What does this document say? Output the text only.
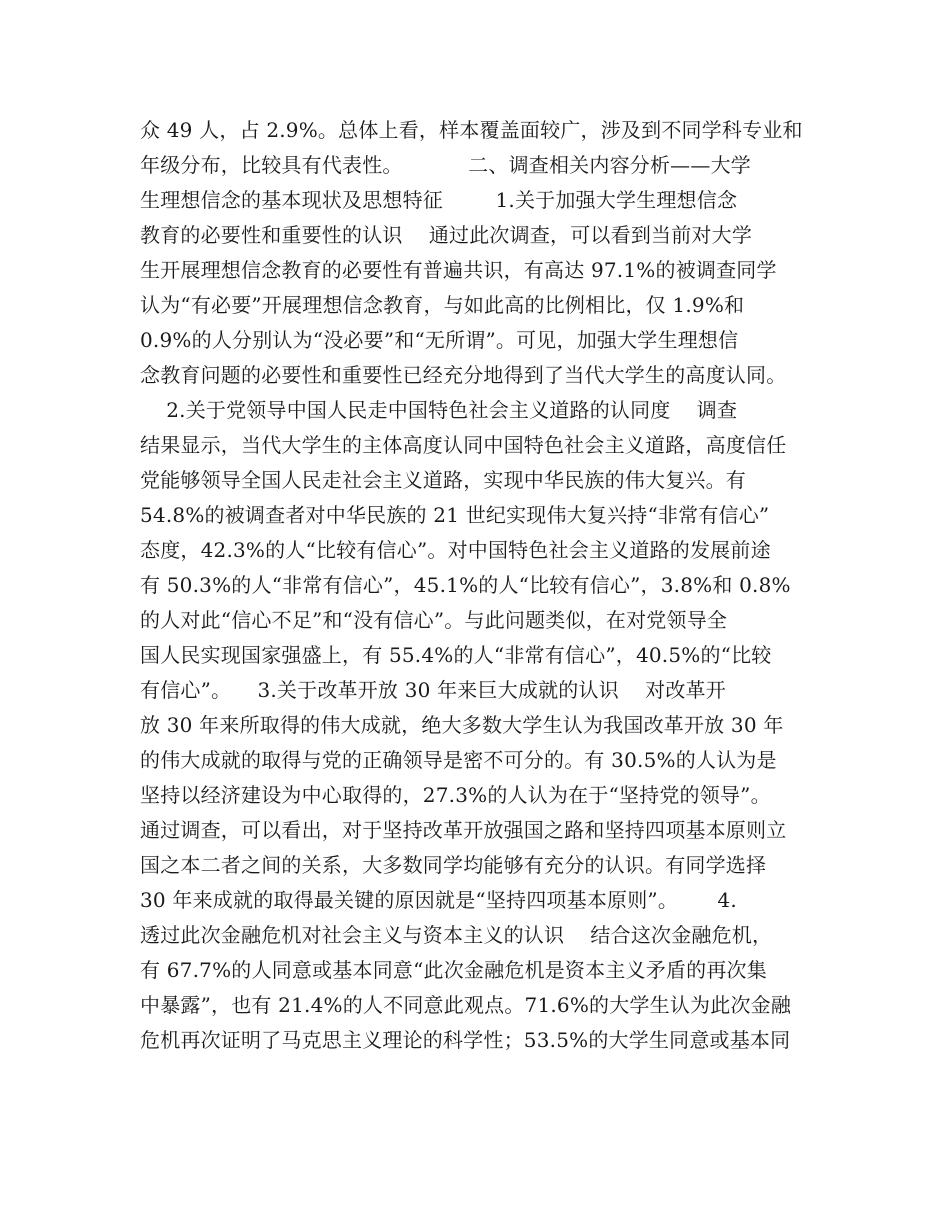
众 49 人，占 2.9%。总体上看，样本覆盖面较广，涉及到不同学科专业和
年级分布，比较具有代表性。          二、调查相关内容分析——大学
生理想信念的基本现状及思想特征        1.关于加强大学生理想信念
教育的必要性和重要性的认识    通过此次调查，可以看到当前对大学
生开展理想信念教育的必要性有普遍共识，有高达 97.1%的被调查同学
认为“有必要”开展理想信念教育，与如此高的比例相比，仅 1.9%和
0.9%的人分别认为“没必要”和“无所谓”。可见，加强大学生理想信
念教育问题的必要性和重要性已经充分地得到了当代大学生的高度认同。
2.关于党领导中国人民走中国特色社会主义道路的认同度    调查
结果显示，当代大学生的主体高度认同中国特色社会主义道路，高度信任
党能够领导全国人民走社会主义道路，实现中华民族的伟大复兴。有
54.8%的被调查者对中华民族的 21 世纪实现伟大复兴持“非常有信心”
态度，42.3%的人“比较有信心”。对中国特色社会主义道路的发展前途
有 50.3%的人“非常有信心”，45.1%的人“比较有信心”，3.8%和 0.8%
的人对此“信心不足”和“没有信心”。与此问题类似，在对党领导全
国人民实现国家强盛上，有 55.4%的人“非常有信心”，40.5%的“比较
有信心”。    3.关于改革开放 30 年来巨大成就的认识    对改革开
放 30 年来所取得的伟大成就，绝大多数大学生认为我国改革开放 30 年
的伟大成就的取得与党的正确领导是密不可分的。有 30.5%的人认为是
坚持以经济建设为中心取得的，27.3%的人认为在于“坚持党的领导”。
通过调查，可以看出，对于坚持改革开放强国之路和坚持四项基本原则立
国之本二者之间的关系，大多数同学均能够有充分的认识。有同学选择
30 年来成就的取得最关键的原因就是“坚持四项基本原则”。      4.
透过此次金融危机对社会主义与资本主义的认识    结合这次金融危机，
有 67.7%的人同意或基本同意“此次金融危机是资本主义矛盾的再次集
中暴露”，也有 21.4%的人不同意此观点。71.6%的大学生认为此次金融
危机再次证明了马克思主义理论的科学性；53.5%的大学生同意或基本同
